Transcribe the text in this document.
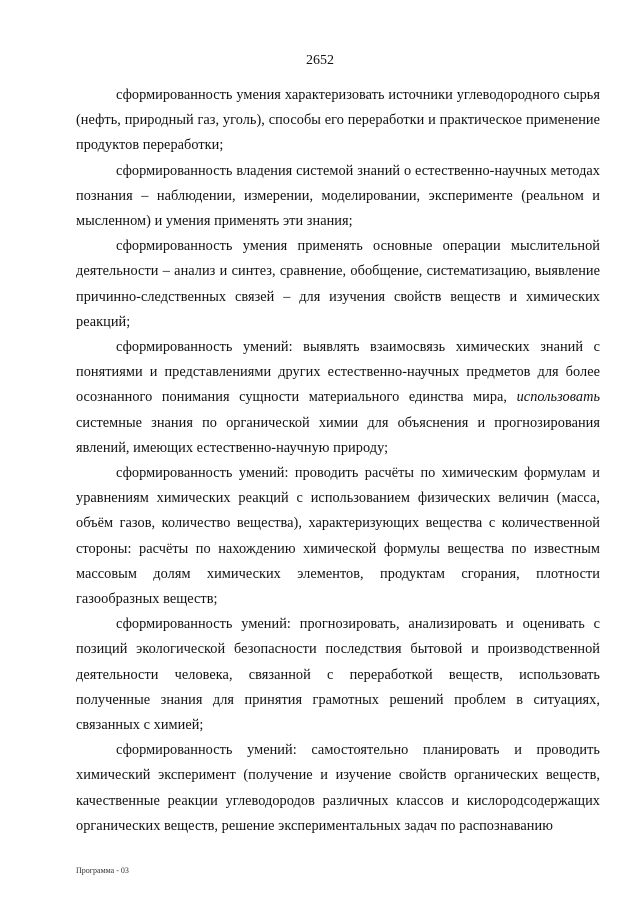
2652

сформированность умения характеризовать источники углеводородного сырья (нефть, природный газ, уголь), способы его переработки и практическое применение продуктов переработки;

сформированность владения системой знаний о естественно-научных методах познания – наблюдении, измерении, моделировании, эксперименте (реальном и мысленном) и умения применять эти знания;

сформированность умения применять основные операции мыслительной деятельности – анализ и синтез, сравнение, обобщение, систематизацию, выявление причинно-следственных связей – для изучения свойств веществ и химических реакций;

сформированность умений: выявлять взаимосвязь химических знаний с понятиями и представлениями других естественно-научных предметов для более осознанного понимания сущности материального единства мира, использовать системные знания по органической химии для объяснения и прогнозирования явлений, имеющих естественно-научную природу;

сформированность умений: проводить расчёты по химическим формулам и уравнениям химических реакций с использованием физических величин (масса, объём газов, количество вещества), характеризующих вещества с количественной стороны: расчёты по нахождению химической формулы вещества по известным массовым долям химических элементов, продуктам сгорания, плотности газообразных веществ;

сформированность умений: прогнозировать, анализировать и оценивать с позиций экологической безопасности последствия бытовой и производственной деятельности человека, связанной с переработкой веществ, использовать полученные знания для принятия грамотных решений проблем в ситуациях, связанных с химией;

сформированность умений: самостоятельно планировать и проводить химический эксперимент (получение и изучение свойств органических веществ, качественные реакции углеводородов различных классов и кислородсодержащих органических веществ, решение экспериментальных задач по распознаванию

Программа - 03
